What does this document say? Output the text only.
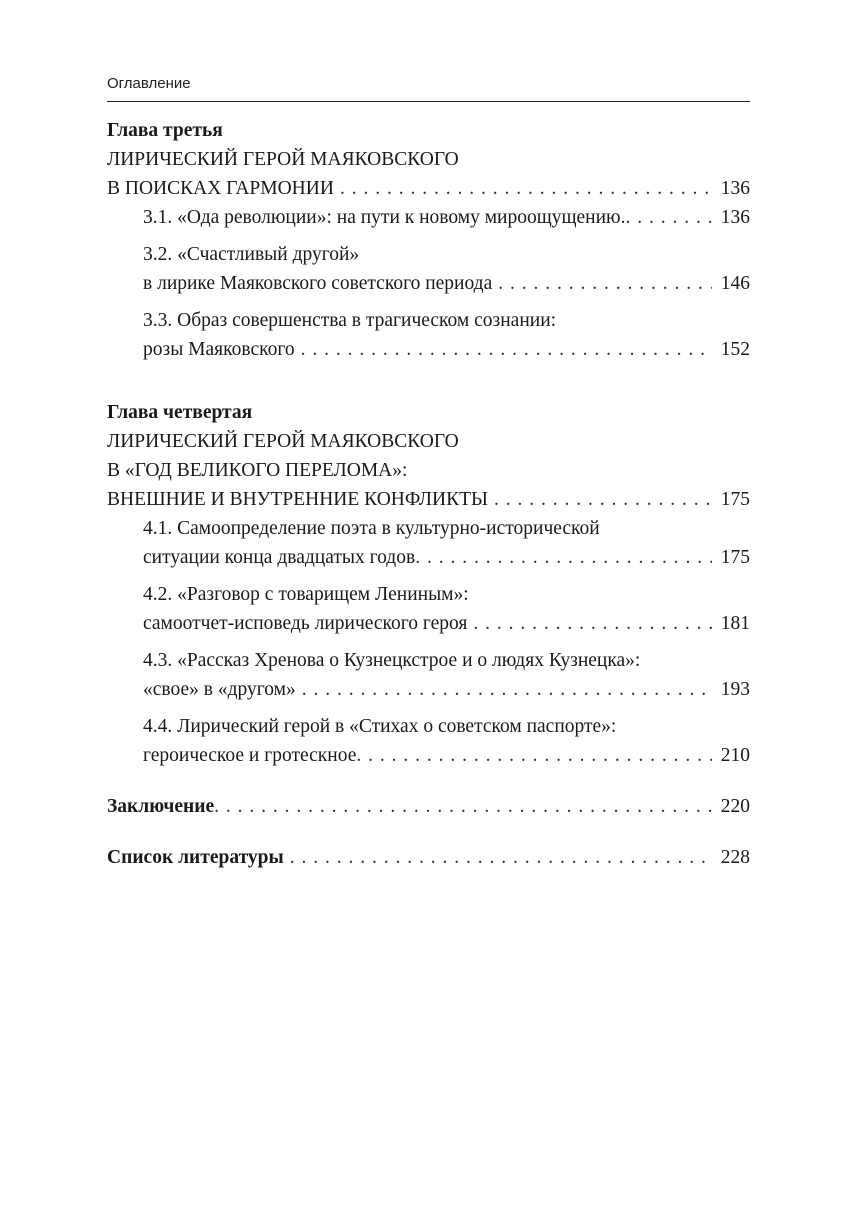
Оглавление
Глава третья
ЛИРИЧЕСКИЙ ГЕРОЙ МАЯКОВСКОГО
В ПОИСКАХ ГАРМОНИИ . . .	136
3.1. «Ода революции»: на пути к новому мироощущению. . . .	136
3.2. «Счастливый другой»
в лирике Маяковского советского периода . . .	146
3.3. Образ совершенства в трагическом сознании:
розы Маяковского . . .	152
Глава четвертая
ЛИРИЧЕСКИЙ ГЕРОЙ МАЯКОВСКОГО
В «ГОД ВЕЛИКОГО ПЕРЕЛОМА»:
ВНЕШНИЕ И ВНУТРЕННИЕ КОНФЛИКТЫ . . .	175
4.1. Самоопределение поэта в культурно-исторической
ситуации конца двадцатых годов . . .	175
4.2. «Разговор с товарищем Лениным»:
самоотчет-исповедь лирического героя . . .	181
4.3. «Рассказ Хренова о Кузнецкстрое и о людях Кузнецка»:
«свое» в «другом» . . .	193
4.4. Лирический герой в «Стихах о советском паспорте»:
героическое и гротескное . . .	210
Заключение . . .	220
Список литературы . . .	228
